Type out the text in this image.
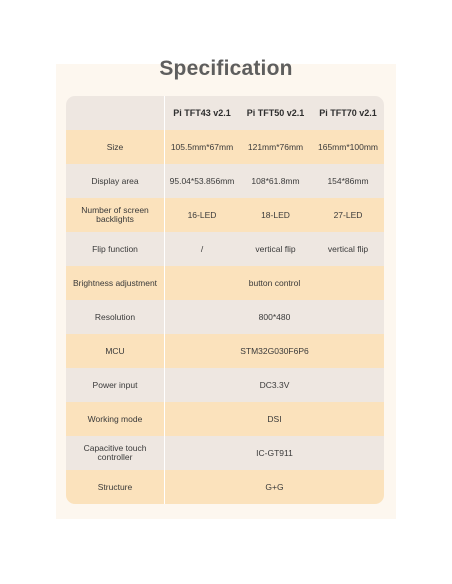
Specification
Pi TFT43 v2.1	Pi TFT50 v2.1	Pi TFT70 v2.1
Size	105.5mm*67mm	121mm*76mm	165mm*100mm
Display area	95.04*53.856mm	108*61.8mm	154*86mm
Number of screen backlights	16-LED	18-LED	27-LED
Flip function	/	vertical flip	vertical flip
Brightness adjustment	button control
Resolution	800*480
MCU	STM32G030F6P6
Power input	DC3.3V
Working mode	DSI
Capacitive touch controller	IC-GT911
Structure	G+G
